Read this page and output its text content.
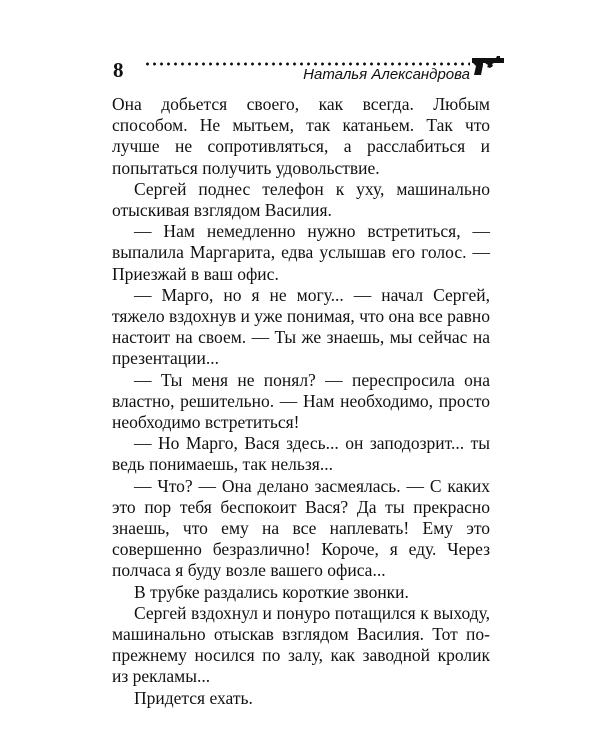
8	Наталья Александрова

Она добьется своего, как всегда. Любым способом. Не мытьем, так катаньем. Так что лучше не сопротивляться, а расслабиться и попытаться получить удовольствие.

Сергей поднес телефон к уху, машинально отыскивая взглядом Василия.

— Нам немедленно нужно встретиться, — выпалила Маргарита, едва услышав его голос. — Приезжай в ваш офис.

— Марго, но я не могу... — начал Сергей, тяжело вздохнув и уже понимая, что она все равно настоит на своем. — Ты же знаешь, мы сейчас на презентации...

— Ты меня не понял? — переспросила она властно, решительно. — Нам необходимо, просто необходимо встретиться!

— Но Марго, Вася здесь... он заподозрит... ты ведь понимаешь, так нельзя...

— Что? — Она делано засмеялась. — С каких это пор тебя беспокоит Вася? Да ты прекрасно знаешь, что ему на все наплевать! Ему это совершенно безразлично! Короче, я еду. Через полчаса я буду возле вашего офиса...

В трубке раздались короткие звонки.

Сергей вздохнул и понуро потащился к выходу, машинально отыскав взглядом Василия. Тот по-прежнему носился по залу, как заводной кролик из рекламы...

Придется ехать.
